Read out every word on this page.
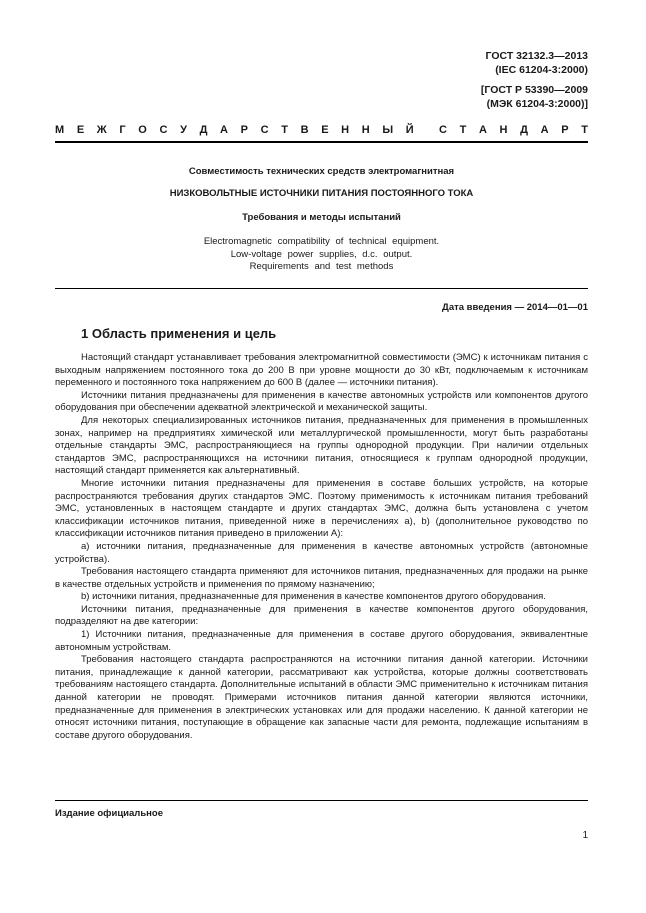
ГОСТ 32132.3—2013
(IEC 61204-3:2000)
[ГОСТ Р 53390—2009
(МЭК 61204-3:2000)]
М Е Ж Г О С У Д А Р С Т В Е Н Н Ы Й С Т А Н Д А Р Т
Совместимость технических средств электромагнитная
НИЗКОВОЛЬТНЫЕ ИСТОЧНИКИ ПИТАНИЯ ПОСТОЯННОГО ТОКА
Требования и методы испытаний
Electromagnetic compatibility of technical equipment.
Low-voltage power supplies, d.c. output.
Requirements and test methods
Дата введения — 2014—01—01
1 Область применения и цель

Настоящий стандарт устанавливает требования электромагнитной совместимости (ЭМС) к источникам питания с выходным напряжением постоянного тока до 200 В при уровне мощности до 30 кВт, подключаемым к источникам переменного и постоянного тока напряжением до 600 В (далее — источники питания).

Источники питания предназначены для применения в качестве автономных устройств или компонентов другого оборудования при обеспечении адекватной электрической и механической защиты.

Для некоторых специализированных источников питания, предназначенных для применения в промышленных зонах, например на предприятиях химической или металлургической промышленности, могут быть разработаны отдельные стандарты ЭМС, распространяющиеся на группы однородной продукции. При наличии отдельных стандартов ЭМС, распространяющихся на источники питания, относящиеся к группам однородной продукции, настоящий стандарт применяется как альтернативный.

Многие источники питания предназначены для применения в составе больших устройств, на которые распространяются требования других стандартов ЭМС. Поэтому применимость к источникам питания требований ЭМС, установленных в настоящем стандарте и других стандартах ЭМС, должна быть установлена с учетом классификации источников питания, приведенной ниже в перечислениях а), b) (дополнительное руководство по классификации источников питания приведено в приложении А):

а) источники питания, предназначенные для применения в качестве автономных устройств (автономные устройства).

Требования настоящего стандарта применяют для источников питания, предназначенных для продажи на рынке в качестве отдельных устройств и применения по прямому назначению;

b) источники питания, предназначенные для применения в качестве компонентов другого оборудования.

Источники питания, предназначенные для применения в качестве компонентов другого оборудования, подразделяют на две категории:

1) Источники питания, предназначенные для применения в составе другого оборудования, эквивалентные автономным устройствам.

Требования настоящего стандарта распространяются на источники питания данной категории. Источники питания, принадлежащие к данной категории, рассматривают как устройства, которые должны соответствовать требованиям настоящего стандарта. Дополнительные испытаний в области ЭМС применительно к источникам питания данной категории не проводят. Примерами источников питания данной категории являются источники, предназначенные для применения в электрических установках или для продажи населению. К данной категории не относят источники питания, поступающие в обращение как запасные части для ремонта, подлежащие испытаниям в составе другого оборудования.

Издание официальное
1
